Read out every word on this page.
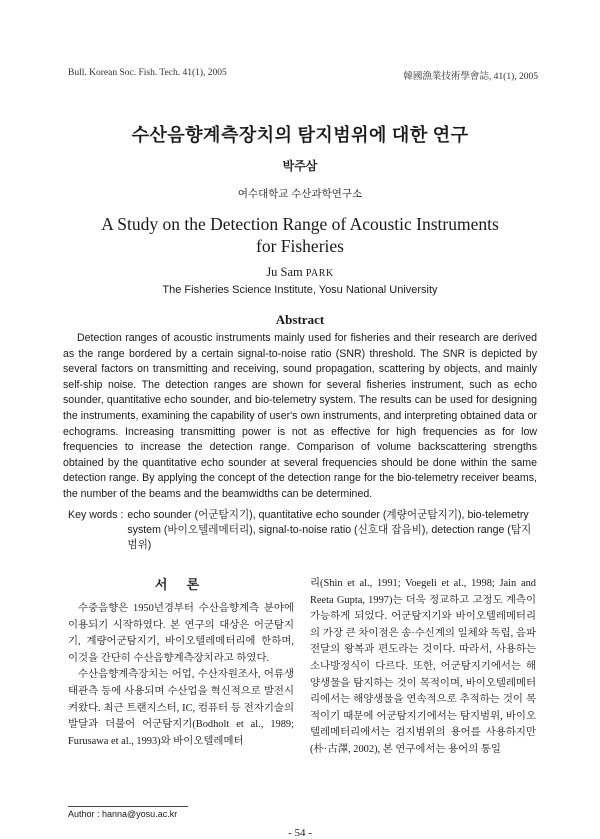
Bull. Korean Soc. Fish. Tech. 41(1), 2005	韓國漁業技術學會誌, 41(1), 2005
수산음향계측장치의 탐지범위에 대한 연구
박주삼
여수대학교 수산과학연구소
A Study on the Detection Range of Acoustic Instruments
for Fisheries
Ju Sam PARK
The Fisheries Science Institute, Yosu National University
Abstract

Detection ranges of acoustic instruments mainly used for fisheries and their research are derived as the range bordered by a certain signal-to-noise ratio (SNR) threshold. The SNR is depicted by several factors on transmitting and receiving, sound propagation, scattering by objects, and mainly self-ship noise. The detection ranges are shown for several fisheries instrument, such as echo sounder, quantitative echo sounder, and bio-telemetry system. The results can be used for designing the instruments, examining the capability of user's own instruments, and interpreting obtained data or echograms. Increasing transmitting power is not as effective for high frequencies as for low frequencies to increase the detection range. Comparison of volume backscattering strengths obtained by the quantitative echo sounder at several frequencies should be done within the same detection range. By applying the concept of the detection range for the bio-telemetry receiver beams, the number of the beams and the beamwidths can be determined.

Key words : echo sounder (어군탐지기), quantitative echo sounder (계량어군탐지기), bio-telemetry system (바이오텔레메터리), signal-to-noise ratio (신호대 잡음비), detection range (탐지범위)
서 론

수중음향은 1950년경부터 수산음향계측 분야에 이용되기 시작하였다. 본 연구의 대상은 어군탐지기, 계량어군탐지기, 바이오텔레메터리에 한하며, 이것을 간단히 수산음향계측장치라고 하였다.

수산음향계측장치는 어업, 수산자원조사, 어류생태관측 등에 사용되며 수산업을 혁신적으로 발전시켜왔다. 최근 트랜지스터, IC, 컴퓨터 등 전자기술의 발달과 더불어 어군탐지기(Bodholt et al., 1989; Furusawa et al., 1993)와 바이오텔레메터

리(Shin et al., 1991; Voegeli et al., 1998; Jain and Reeta Gupta, 1997)는 더욱 정교하고 고정도 계측이 가능하게 되었다. 어군탐지기와 바이오텔레메터리의 가장 큰 차이점은 송·수신계의 일체와 독립, 음파전달의 왕복과 편도라는 것이다. 따라서, 사용하는 소나방정식이 다르다. 또한, 어군탐지기에서는 해양생물을 탐지하는 것이 목적이며, 바이오텔레메터리에서는 해양생물을 연속적으로 추적하는 것이 목적이기 때문에 어군탐지기에서는 탐지범위, 바이오텔레메터리에서는 검지범위의 용어를 사용하지만(朴·古澤, 2002), 본 연구에서는 용어의 통일

Author : hanna@yosu.ac.kr
- 54 -
